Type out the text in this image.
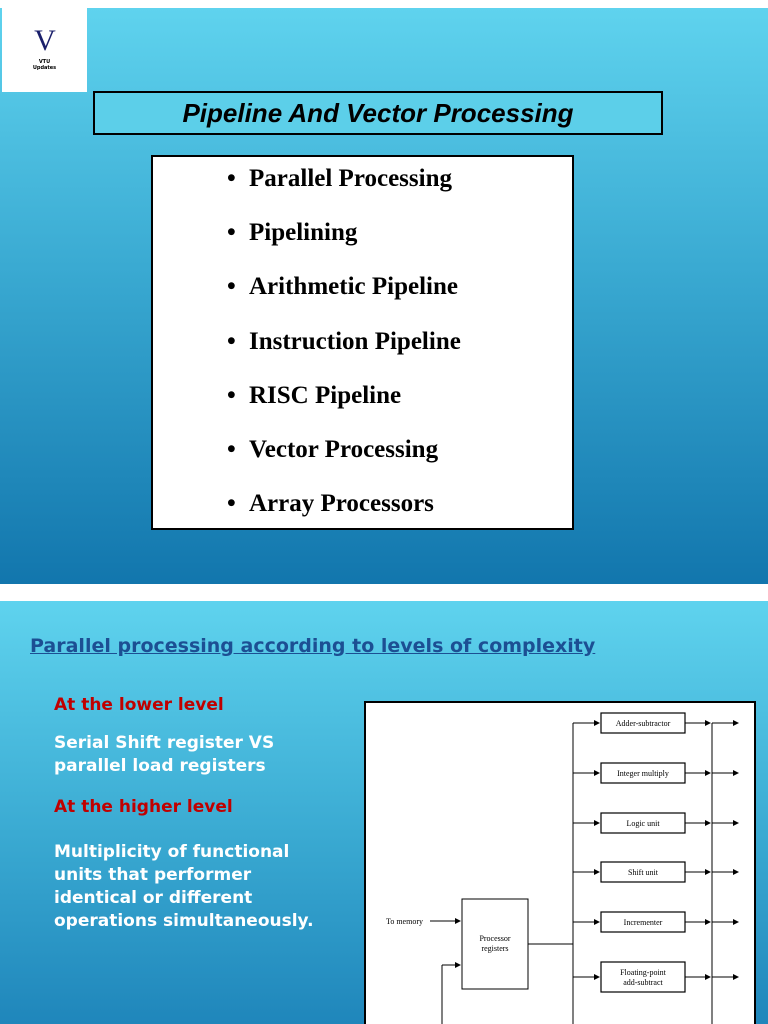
V
VTU
Updates
Pipeline And Vector Processing
• Parallel Processing
• Pipelining
• Arithmetic Pipeline
• Instruction Pipeline
• RISC Pipeline
• Vector Processing
• Array Processors
Parallel processing according to levels of complexity
At the lower level
Serial Shift register VS
parallel load registers
At the higher level
Multiplicity of functional
units that performer
identical or different
operations simultaneously.
Adder-subtractor
Integer multiply
Logic unit
Shift unit
Incrementer
Floating-point
add-subtract
Processor
registers
To memory
